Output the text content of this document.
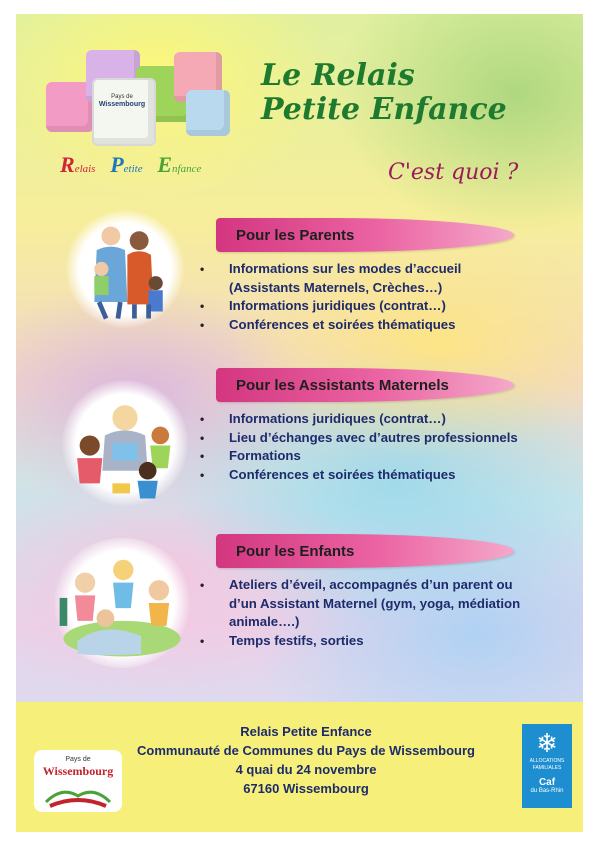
Pays de
Wissembourg
Relais Petite Enfance
Le Relais
Petite Enfance
C'est quoi ?
Pour les Parents
• Informations sur les modes d’accueil (Assistants Maternels, Crèches…)
• Informations juridiques (contrat…)
• Conférences et soirées thématiques
Pour les Assistants Maternels
• Informations juridiques (contrat…)
• Lieu d’échanges avec d’autres professionnels
• Formations
• Conférences et soirées thématiques
Pour les Enfants
• Ateliers d’éveil, accompagnés d’un parent ou d’un Assistant Maternel (gym, yoga, médiation animale….)
• Temps festifs, sorties
Relais Petite Enfance
Communauté de Communes du Pays de Wissembourg
4 quai du 24 novembre
67160 Wissembourg
Pays de
Wissembourg
❄
ALLOCATIONS FAMILIALES
Caf
du Bas-Rhin
